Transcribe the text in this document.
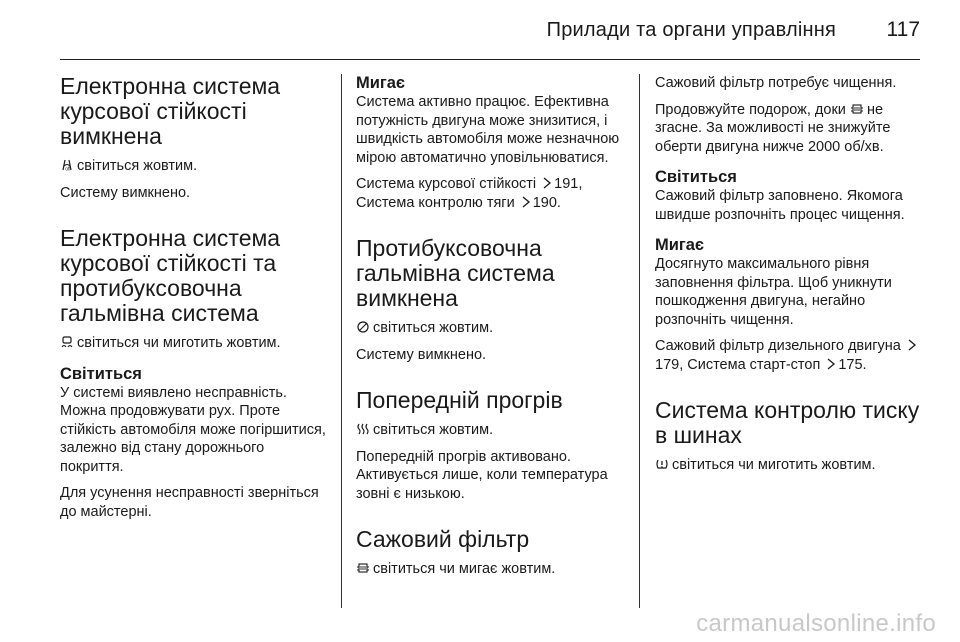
Прилади та органи управління 117
Електронна система курсової стійкості вимкнена

off світиться жовтим.

Систему вимкнено.

Електронна система курсової стійкості та протибуксовочна гальмівна система

світиться чи миготить жовтим.

Світиться

У системі виявлено несправність. Можна продовжувати рух. Проте стійкість автомобіля може погіршитися, залежно від стану дорожнього покриття.

Для усунення несправності зверніться до майстерні.

Мигає

Система активно працює. Ефективна потужність двигуна може знизитися, і швидкість автомобіля може незначною мірою автоматично уповільнюватися.

Система курсової стійкості 191, Система контролю тяги 190.

Протибуксовочна гальмівна система вимкнена

світиться жовтим.

Систему вимкнено.

Попередній прогрів

світиться жовтим.

Попередній прогрів активовано. Активується лише, коли температура зовні є низькою.

Сажовий фільтр

світиться чи мигає жовтим.

Сажовий фільтр потребує чищення.

Продовжуйте подорож, доки не згасне. За можливості не знижуйте оберти двигуна нижче 2000 об/хв.

Світиться

Сажовий фільтр заповнено. Якомога швидше розпочніть процес чищення.

Мигає

Досягнуто максимального рівня заповнення фільтра. Щоб уникнути пошкодження двигуна, негайно розпочніть чищення.

Сажовий фільтр дизельного двигуна
179, Система старт-стоп 175.

Система контролю тиску в шинах

світиться чи миготить жовтим.

carmanualsonline.info
